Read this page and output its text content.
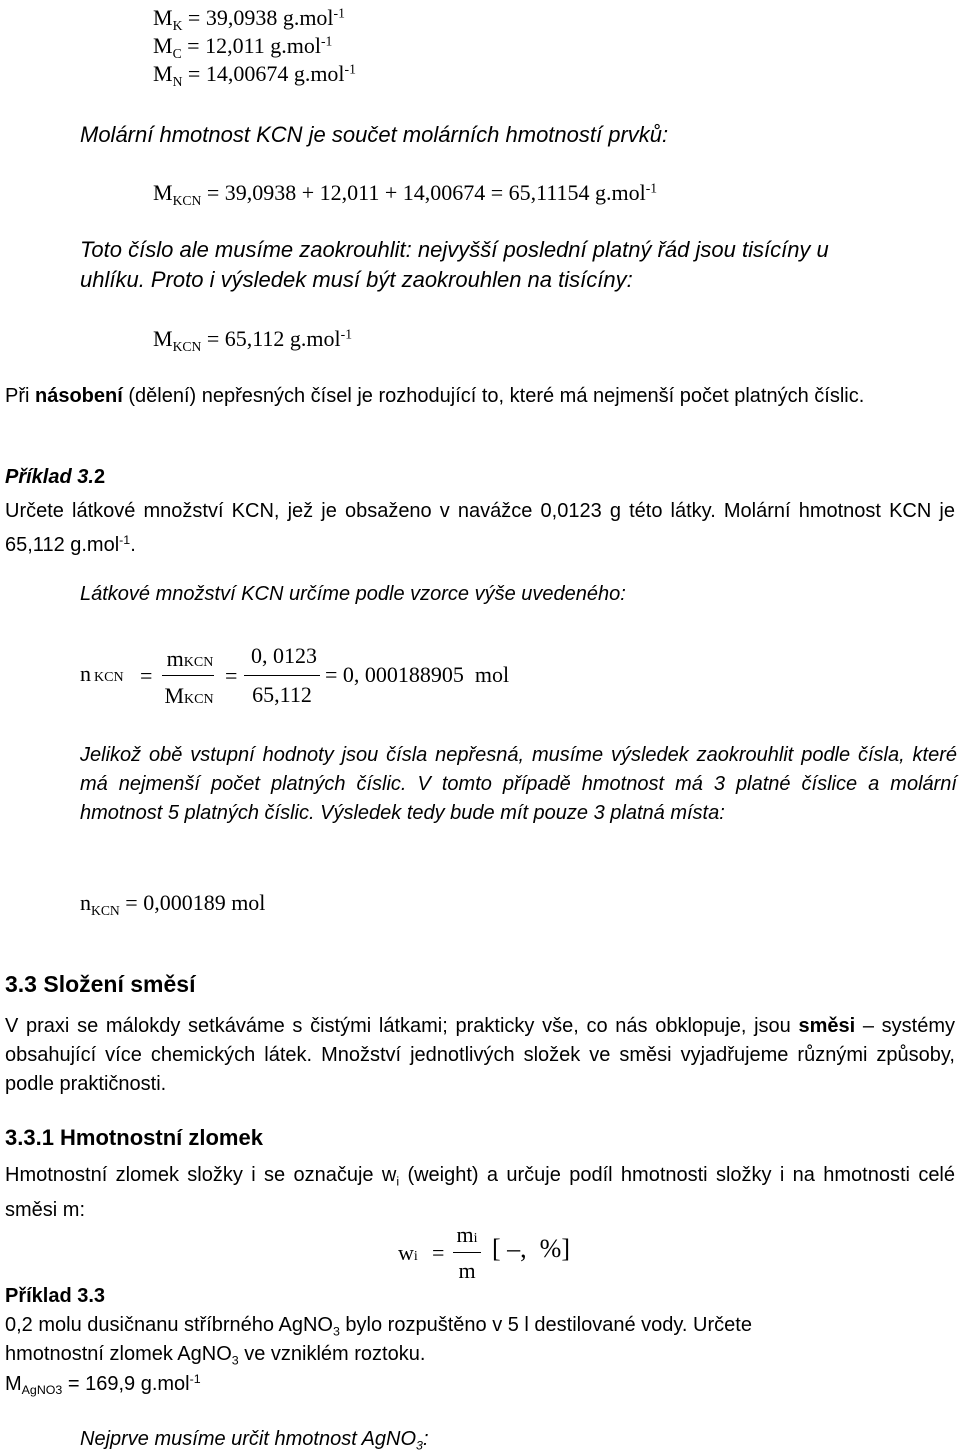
$M_K = 39,0938$ g.mol$^{-1}$
$M_C = 12,011$ g.mol$^{-1}$
$M_N = 14,00674$ g.mol$^{-1}$
Molární hmotnost KCN je součet molárních hmotností prvků:
$M_{KCN} = 39,0938 + 12,011 + 14,00674 = 65,11154$ g.mol$^{-1}$
Toto číslo ale musíme zaokrouhlit: nejvyšší poslední platný řád jsou tisícíny u
uhlíku. Proto i výsledek musí být zaokrouhlen na tisícíny:
$M_{KCN} = 65,112$ g.mol$^{-1}$
Při násobení (dělení) nepřesných čísel je rozhodující to, které má nejmenší počet platných číslic.
Příklad 3.2
Určete látkové množství KCN, jež je obsaženo v navážce 0,0123 g této látky. Molární hmotnost KCN je 65,112 g.mol$^{-1}$.
Látkové množství KCN určíme podle vzorce výše uvedeného:
nKCN =
mKCN
MKCN
=
0, 0123
65,112
= 0, 000188905  mol
Jelikož obě vstupní hodnoty jsou čísla nepřesná, musíme výsledek zaokrouhlit podle čísla, které má nejmenší počet platných číslic. V tomto případě hmotnost má 3 platné číslice a molární hmotnost 5 platných číslic. Výsledek tedy bude mít pouze 3 platná místa:
$n_{KCN} = 0,000189$ mol
3.3 Složení směsí
V praxi se málokdy setkáváme s čistými látkami; prakticky vše, co nás obklopuje, jsou směsi – systémy obsahující více chemických látek. Množství jednotlivých složek ve směsi vyjadřujeme různými způsoby, podle praktičnosti.
3.3.1 Hmotnostní zlomek
Hmotnostní zlomek složky i se označuje $w_i$ (weight) a určuje podíl hmotnosti složky i na hmotnosti celé směsi m:
wi =
mi
m
[ –,  %]
Příklad 3.3
0,2 molu dusičnanu stříbrného AgNO$_3$ bylo rozpuštěno v 5 l destilované vody. Určete
hmotnostní zlomek AgNO$_3$ ve vzniklém roztoku.
$M_{AgNO3} = 169,9$ g.mol$^{-1}$
Nejprve musíme určit hmotnost AgNO$_3$:
